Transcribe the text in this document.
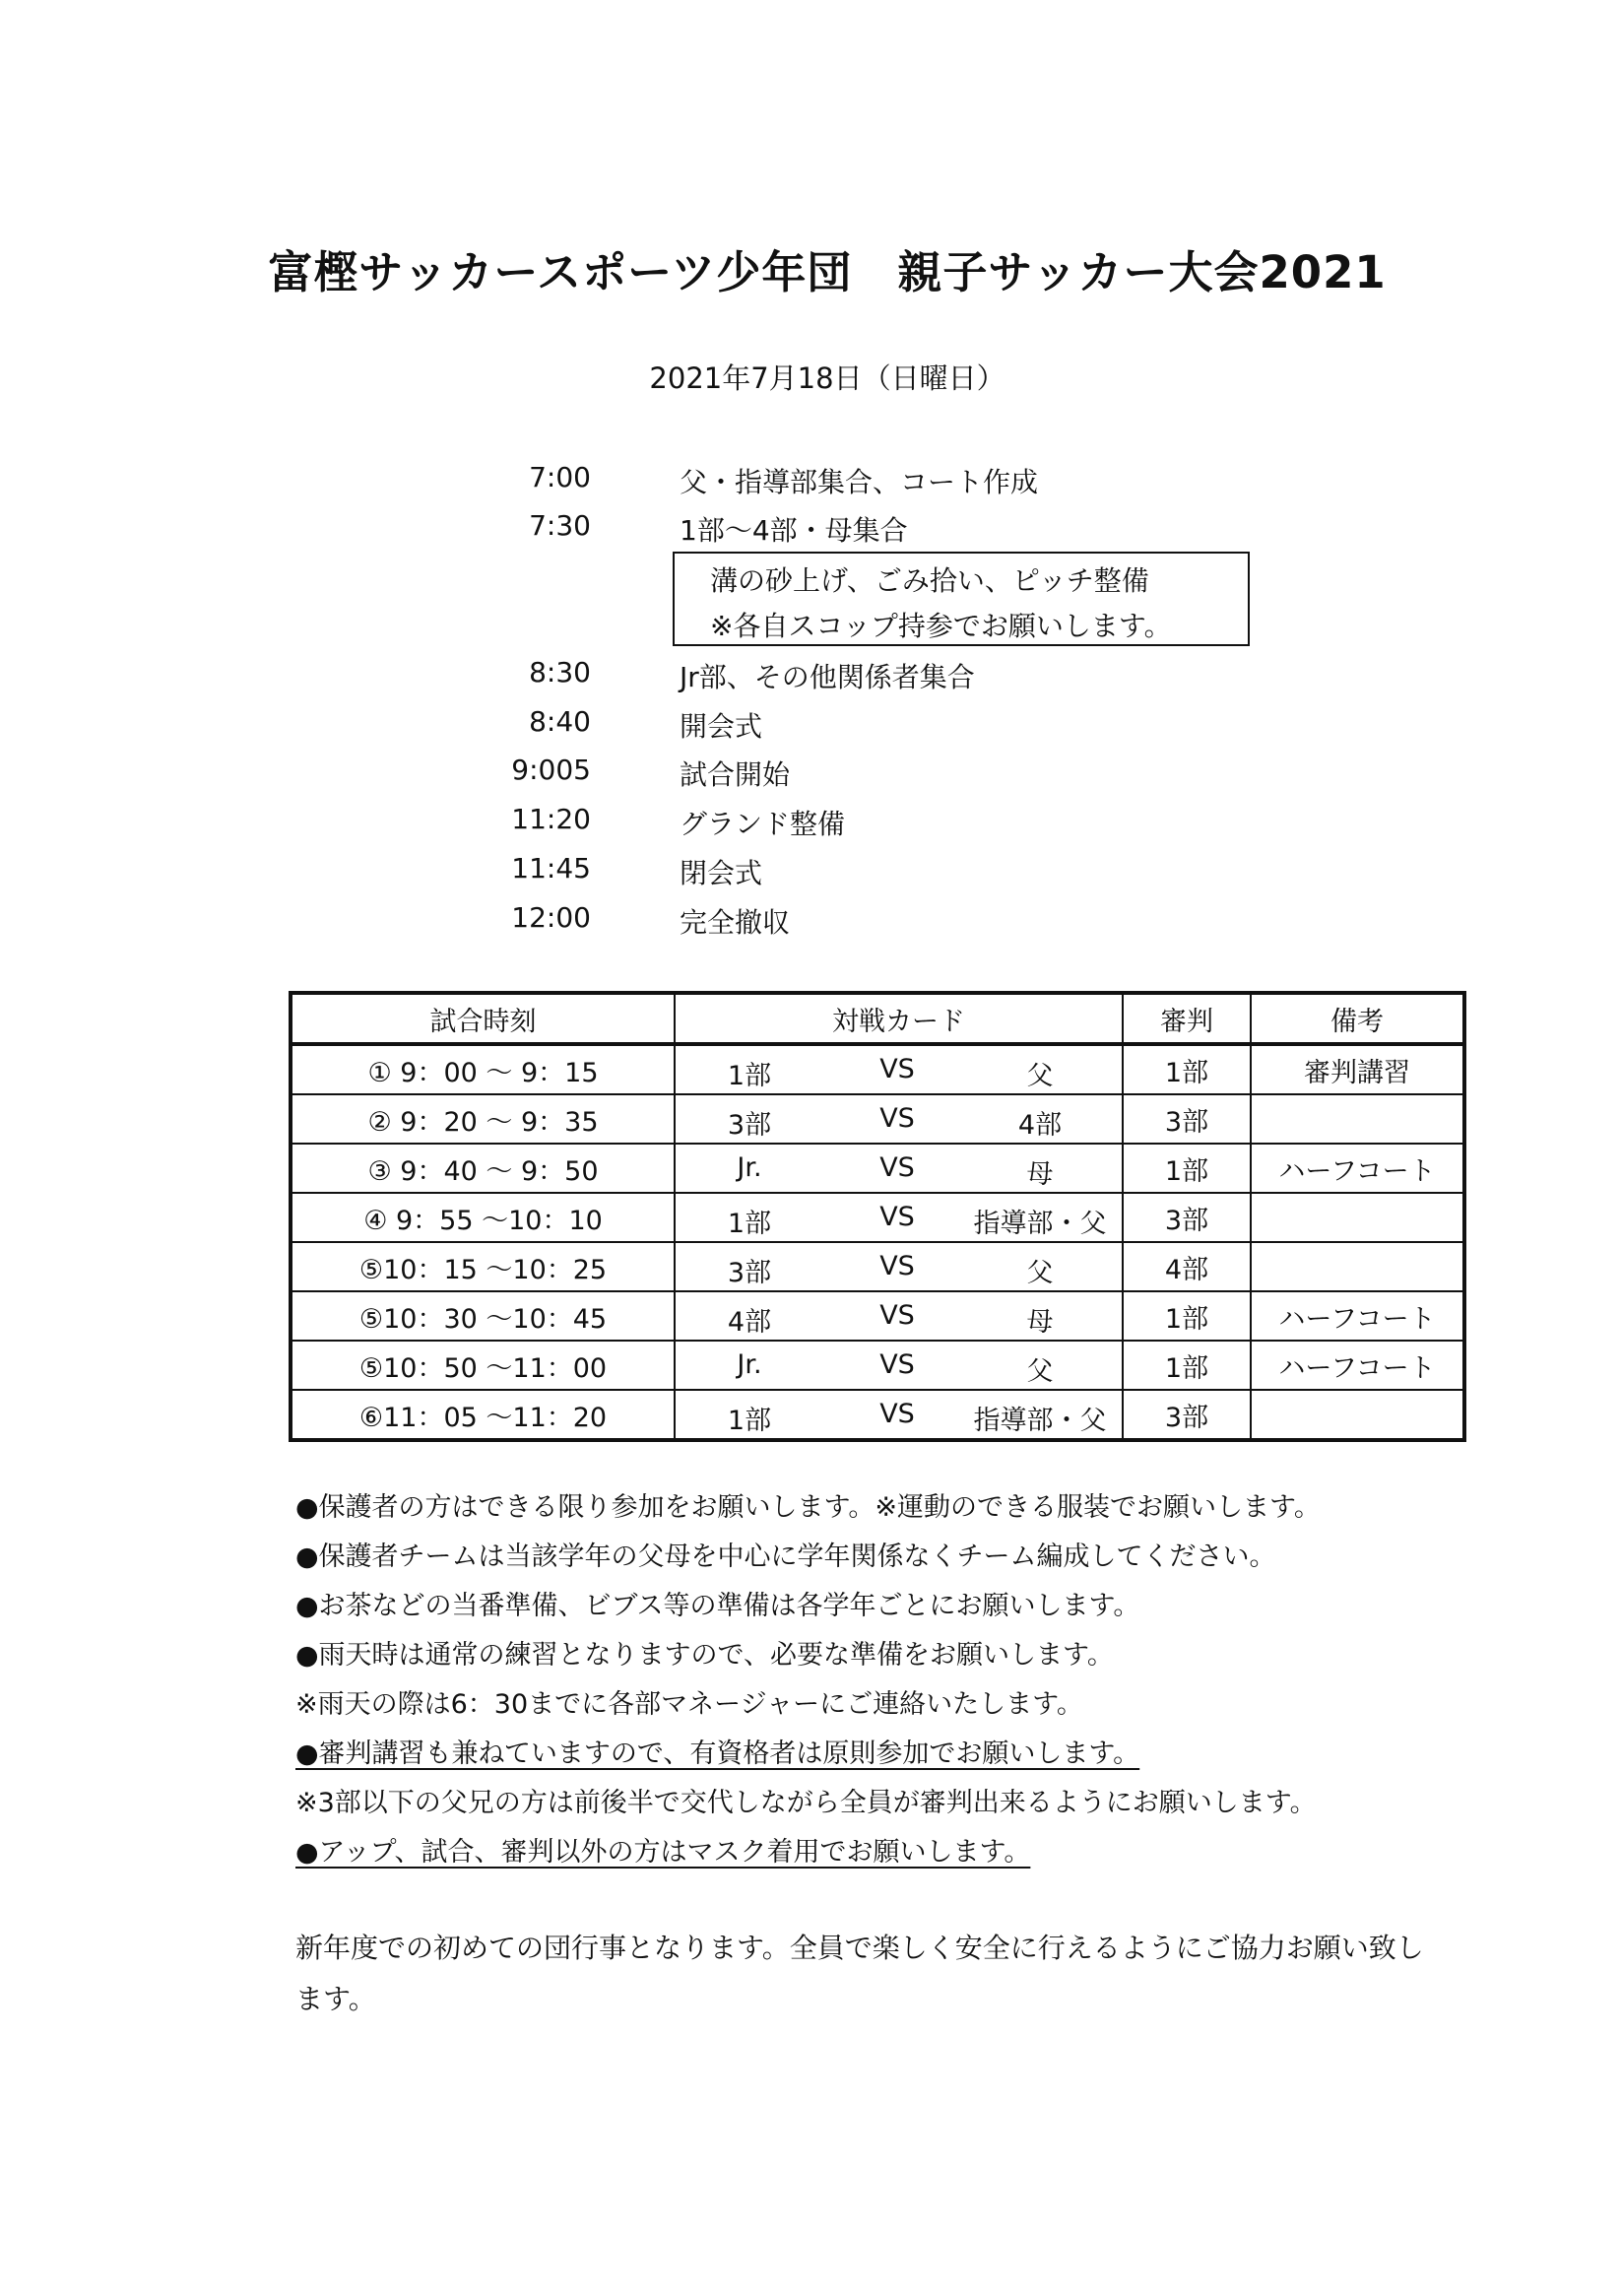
富樫サッカースポーツ少年団　親子サッカー大会2021
2021年7月18日（日曜日）
7:00	父・指導部集合、コート作成
7:30	1部～4部・母集合
溝の砂上げ、ごみ拾い、ピッチ整備
※各自スコップ持参でお願いします。
8:30	Jr部、その他関係者集合
8:40	開会式
9:005	試合開始
11:20	グランド整備
11:45	閉会式
12:00	完全撤収
試合時刻	対戦カード	審判	備考
① 9：00 ～ 9：15	1部 VS 父	1部	審判講習
② 9：20 ～ 9：35	3部 VS 4部	3部	
③ 9：40 ～ 9：50	Jr. VS 母	1部	ハーフコート
④ 9：55 ～10：10	1部 VS 指導部・父	3部	
⑤10：15 ～10：25	3部 VS 父	4部	
⑤10：30 ～10：45	4部 VS 母	1部	ハーフコート
⑤10：50 ～11：00	Jr. VS 父	1部	ハーフコート
⑥11：05 ～11：20	1部 VS 指導部・父	3部	
●保護者の方はできる限り参加をお願いします。※運動のできる服装でお願いします。
●保護者チームは当該学年の父母を中心に学年関係なくチーム編成してください。
●お茶などの当番準備、ビブス等の準備は各学年ごとにお願いします。
●雨天時は通常の練習となりますので、必要な準備をお願いします。
※雨天の際は6：30までに各部マネージャーにご連絡いたします。
●審判講習も兼ねていますので、有資格者は原則参加でお願いします。
※3部以下の父兄の方は前後半で交代しながら全員が審判出来るようにお願いします。
●アップ、試合、審判以外の方はマスク着用でお願いします。
新年度での初めての団行事となります。全員で楽しく安全に行えるようにご協力お願い致します。
